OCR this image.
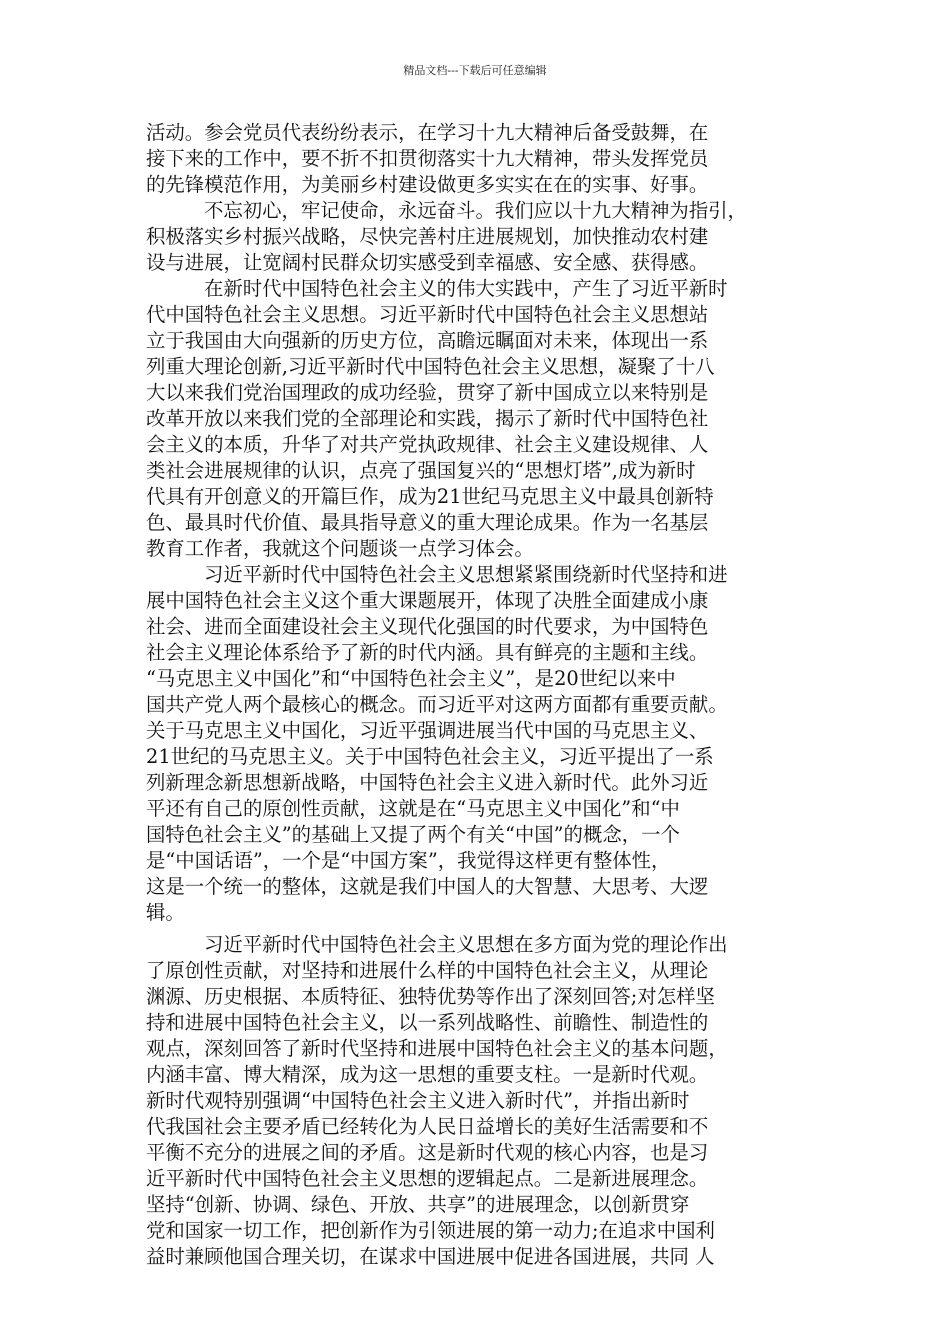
精品文档---下载后可任意编辑
活动。参会党员代表纷纷表示，在学习十九大精神后备受鼓舞，在
接下来的工作中，要不折不扣贯彻落实十九大精神，带头发挥党员
的先锋模范作用，为美丽乡村建设做更多实实在在的实事、好事。
不忘初心，牢记使命，永远奋斗。我们应以十九大精神为指引，
积极落实乡村振兴战略，尽快完善村庄进展规划，加快推动农村建
设与进展，让宽阔村民群众切实感受到幸福感、安全感、获得感。
在新时代中国特色社会主义的伟大实践中，产生了习近平新时
代中国特色社会主义思想。习近平新时代中国特色社会主义思想站
立于我国由大向强新的历史方位，高瞻远瞩面对未来，体现出一系
列重大理论创新,习近平新时代中国特色社会主义思想，凝聚了十八
大以来我们党治国理政的成功经验，贯穿了新中国成立以来特别是
改革开放以来我们党的全部理论和实践，揭示了新时代中国特色社
会主义的本质，升华了对共产党执政规律、社会主义建设规律、人
类社会进展规律的认识，点亮了强国复兴的“思想灯塔”,成为新时
代具有开创意义的开篇巨作，成为21世纪马克思主义中最具创新特
色、最具时代价值、最具指导意义的重大理论成果。作为一名基层
教育工作者，我就这个问题谈一点学习体会。
习近平新时代中国特色社会主义思想紧紧围绕新时代坚持和进
展中国特色社会主义这个重大课题展开，体现了决胜全面建成小康
社会、进而全面建设社会主义现代化强国的时代要求，为中国特色
社会主义理论体系给予了新的时代内涵。具有鲜亮的主题和主线。
“马克思主义中国化”和“中国特色社会主义”，是20世纪以来中
国共产党人两个最核心的概念。而习近平对这两方面都有重要贡献。
关于马克思主义中国化，习近平强调进展当代中国的马克思主义、
21世纪的马克思主义。关于中国特色社会主义，习近平提出了一系
列新理念新思想新战略，中国特色社会主义进入新时代。此外习近
平还有自己的原创性贡献，这就是在“马克思主义中国化”和“中
国特色社会主义”的基础上又提了两个有关“中国”的概念，一个
是“中国话语”，一个是“中国方案”，我觉得这样更有整体性，
这是一个统一的整体，这就是我们中国人的大智慧、大思考、大逻
辑。
习近平新时代中国特色社会主义思想在多方面为党的理论作出
了原创性贡献，对坚持和进展什么样的中国特色社会主义，从理论
渊源、历史根据、本质特征、独特优势等作出了深刻回答;对怎样坚
持和进展中国特色社会主义，以一系列战略性、前瞻性、制造性的
观点，深刻回答了新时代坚持和进展中国特色社会主义的基本问题，
内涵丰富、博大精深，成为这一思想的重要支柱。一是新时代观。
新时代观特别强调“中国特色社会主义进入新时代”，并指出新时
代我国社会主要矛盾已经转化为人民日益增长的美好生活需要和不
平衡不充分的进展之间的矛盾。这是新时代观的核心内容，也是习
近平新时代中国特色社会主义思想的逻辑起点。二是新进展理念。
坚持“创新、协调、绿色、开放、共享”的进展理念，以创新贯穿
党和国家一切工作，把创新作为引领进展的第一动力;在追求中国利
益时兼顾他国合理关切，在谋求中国进展中促进各国进展，共同 人
